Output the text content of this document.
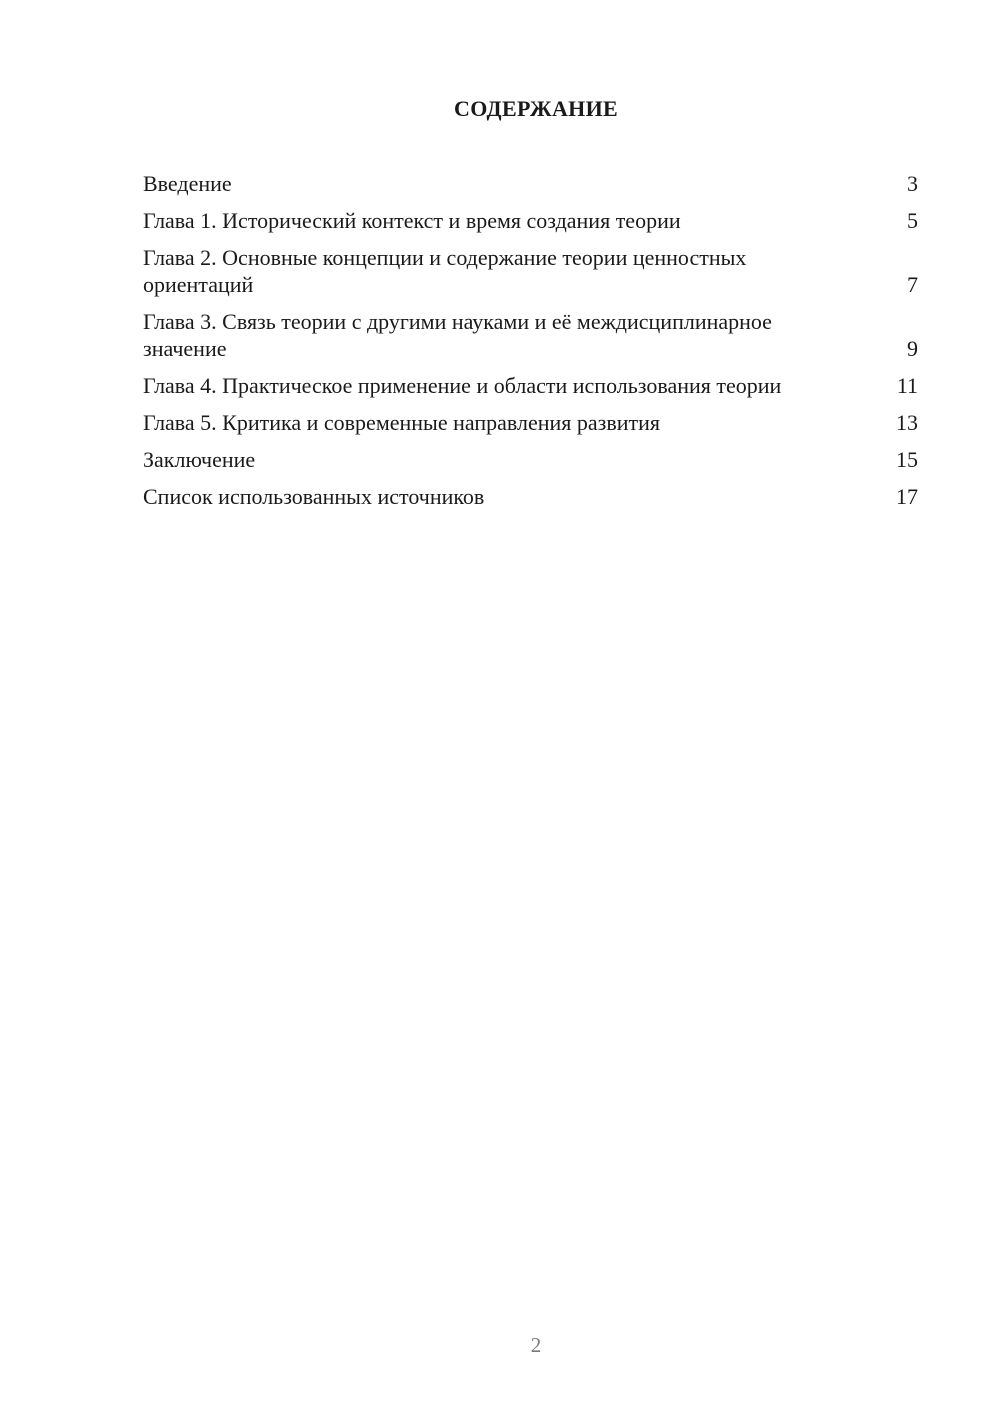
СОДЕРЖАНИЕ
Введение	3
Глава 1. Исторический контекст и время создания теории	5
Глава 2. Основные концепции и содержание теории ценностных ориентаций	7
Глава 3. Связь теории с другими науками и её междисциплинарное значение	9
Глава 4. Практическое применение и области использования теории	11
Глава 5. Критика и современные направления развития	13
Заключение	15
Список использованных источников	17
2
